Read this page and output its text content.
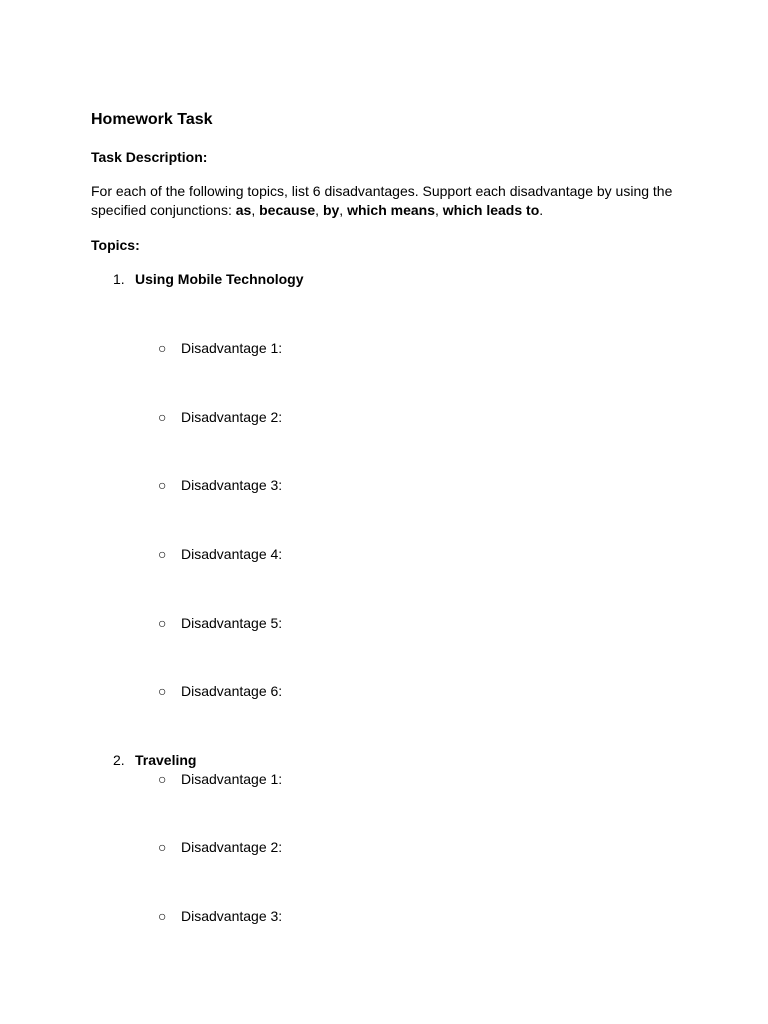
Homework Task
Task Description:
For each of the following topics, list 6 disadvantages. Support each disadvantage by using the specified conjunctions: as, because, by, which means, which leads to.
Topics:
1. Using Mobile Technology
○ Disadvantage 1:
○ Disadvantage 2:
○ Disadvantage 3:
○ Disadvantage 4:
○ Disadvantage 5:
○ Disadvantage 6:
2. Traveling
○ Disadvantage 1:
○ Disadvantage 2:
○ Disadvantage 3:
